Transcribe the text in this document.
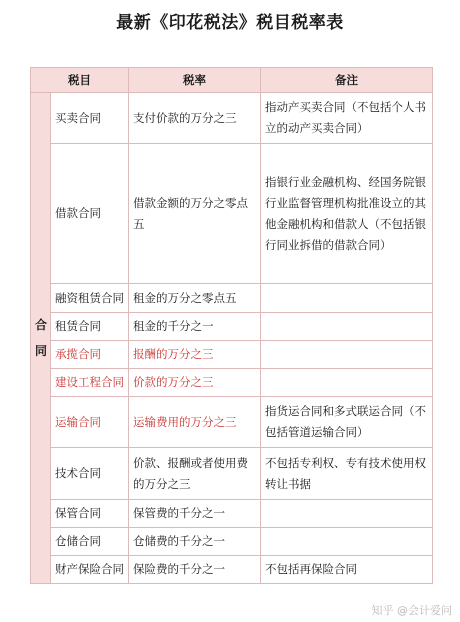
最新《印花税法》税目税率表
税目		税率	备注

合
同	买卖合同	支付价款的万分之三	指动产买卖合同（不包括个人书立的动产买卖合同）
	借款合同	借款金额的万分之零点五	指银行业金融机构、经国务院银行业监督管理机构批准设立的其他金融机构和借款人（不包括银行同业拆借的借款合同）
	融资租赁合同	租金的万分之零点五	
	租赁合同	租金的千分之一	
	承揽合同	报酬的万分之三	
	建设工程合同	价款的万分之三	
	运输合同	运输费用的万分之三	指货运合同和多式联运合同（不包括管道运输合同）
	技术合同	价款、报酬或者使用费的万分之三	不包括专利权、专有技术使用权转让书据
	保管合同	保管费的千分之一	
	仓储合同	仓储费的千分之一	
	财产保险合同	保险费的千分之一	不包括再保险合同
知乎 @会计爱问
